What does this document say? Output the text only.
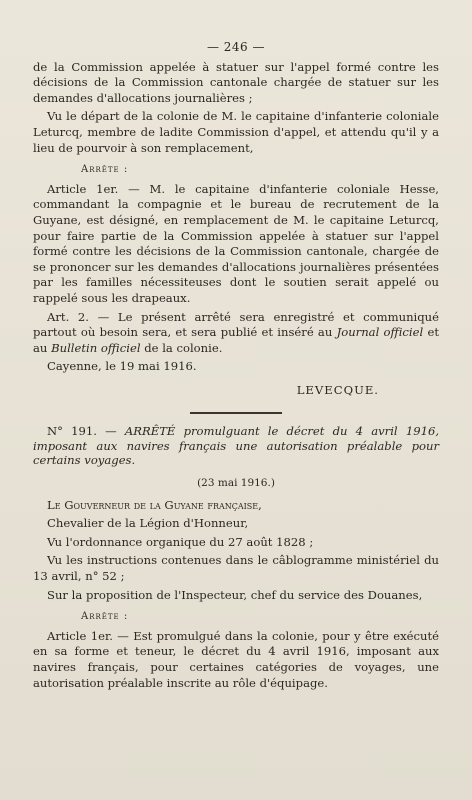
— 246 —

de la Commission appelée à statuer sur l'appel formé contre les décisions de la Commission cantonale chargée de statuer sur les demandes d'allocations journalières ;

Vu le départ de la colonie de M. le capitaine d'infanterie coloniale Leturcq, membre de ladite Commission d'appel, et attendu qu'il y a lieu de pourvoir à son remplacement,

Arrête :

Article 1er. — M. le capitaine d'infanterie coloniale Hesse, commandant la compagnie et le bureau de recrutement de la Guyane, est désigné, en remplacement de M. le capitaine Leturcq, pour faire partie de la Commission appelée à statuer sur l'appel formé contre les décisions de la Commission cantonale, chargée de se prononcer sur les demandes d'allocations journalières présentées par les familles nécessiteuses dont le soutien serait appelé ou rappelé sous les drapeaux.

Art. 2. — Le présent arrêté sera enregistré et communiqué partout où besoin sera, et sera publié et inséré au Journal officiel et au Bulletin officiel de la colonie.

Cayenne, le 19 mai 1916.

LEVECQUE.

N° 191. — ARRÊTÉ promulguant le décret du 4 avril 1916, imposant aux navires français une autorisation préalable pour certains voyages.

(23 mai 1916.)

Le Gouverneur de la Guyane française,

Chevalier de la Légion d'Honneur,

Vu l'ordonnance organique du 27 août 1828 ;

Vu les instructions contenues dans le câblogramme ministériel du 13 avril, n° 52 ;

Sur la proposition de l'Inspecteur, chef du service des Douanes,

Arrête :

Article 1er. — Est promulgué dans la colonie, pour y être exécuté en sa forme et teneur, le décret du 4 avril 1916, imposant aux navires français, pour certaines catégories de voyages, une autorisation préalable inscrite au rôle d'équipage.
